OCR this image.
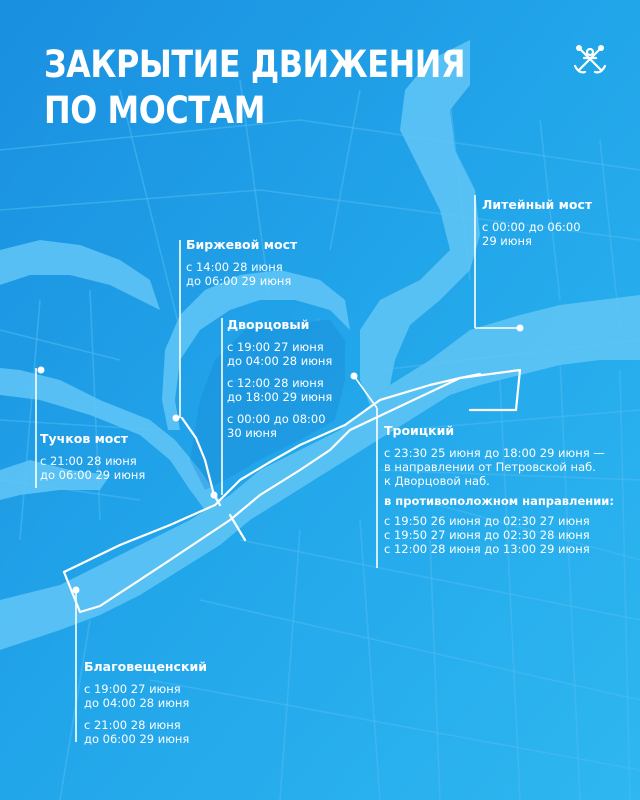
ЗАКРЫТИЕ ДВИЖЕНИЯ
ПО МОСТАМ
Биржевой мост
с 14:00 28 июня
до 06:00 29 июня
Дворцовый
с 19:00 27 июня
до 04:00 28 июня
с 12:00 28 июня
до 18:00 29 июня
с 00:00 до 08:00
30 июня
Литейный мост
с 00:00 до 06:00
29 июня
Тучков мост
с 21:00 28 июня
до 06:00 29 июня
Троицкий
с 23:30 25 июня до 18:00 29 июня —
в направлении от Петровской наб.
к Дворцовой наб.
в противоположном направлении:
с 19:50 26 июня до 02:30 27 июня
с 19:50 27 июня до 02:30 28 июня
с 12:00 28 июня до 13:00 29 июня
Благовещенский
с 19:00 27 июня
до 04:00 28 июня
с 21:00 28 июня
до 06:00 29 июня
